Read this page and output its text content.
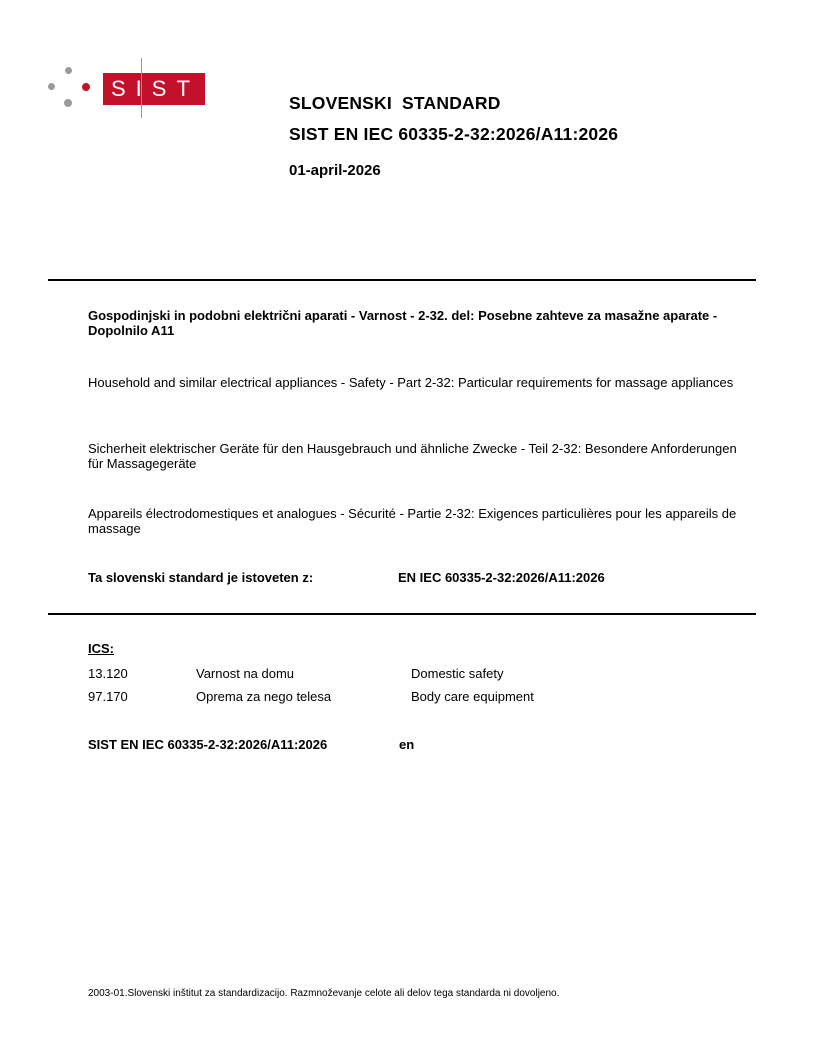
SIST
SLOVENSKI  STANDARD
SIST EN IEC 60335-2-32:2026/A11:2026
01-april-2026
Gospodinjski in podobni električni aparati - Varnost - 2-32. del: Posebne zahteve za masažne aparate - Dopolnilo A11
Household and similar electrical appliances - Safety - Part 2-32: Particular requirements for massage appliances
Sicherheit elektrischer Geräte für den Hausgebrauch und ähnliche Zwecke - Teil 2-32: Besondere Anforderungen für Massagegeräte
Appareils électrodomestiques et analogues - Sécurité - Partie 2-32: Exigences particulières pour les appareils de massage
Ta slovenski standard je istoveten z:	EN IEC 60335-2-32:2026/A11:2026
ICS:
13.120	Varnost na domu	Domestic safety
97.170	Oprema za nego telesa	Body care equipment
SIST EN IEC 60335-2-32:2026/A11:2026	en
2003-01.Slovenski inštitut za standardizacijo. Razmnoževanje celote ali delov tega standarda ni dovoljeno.
